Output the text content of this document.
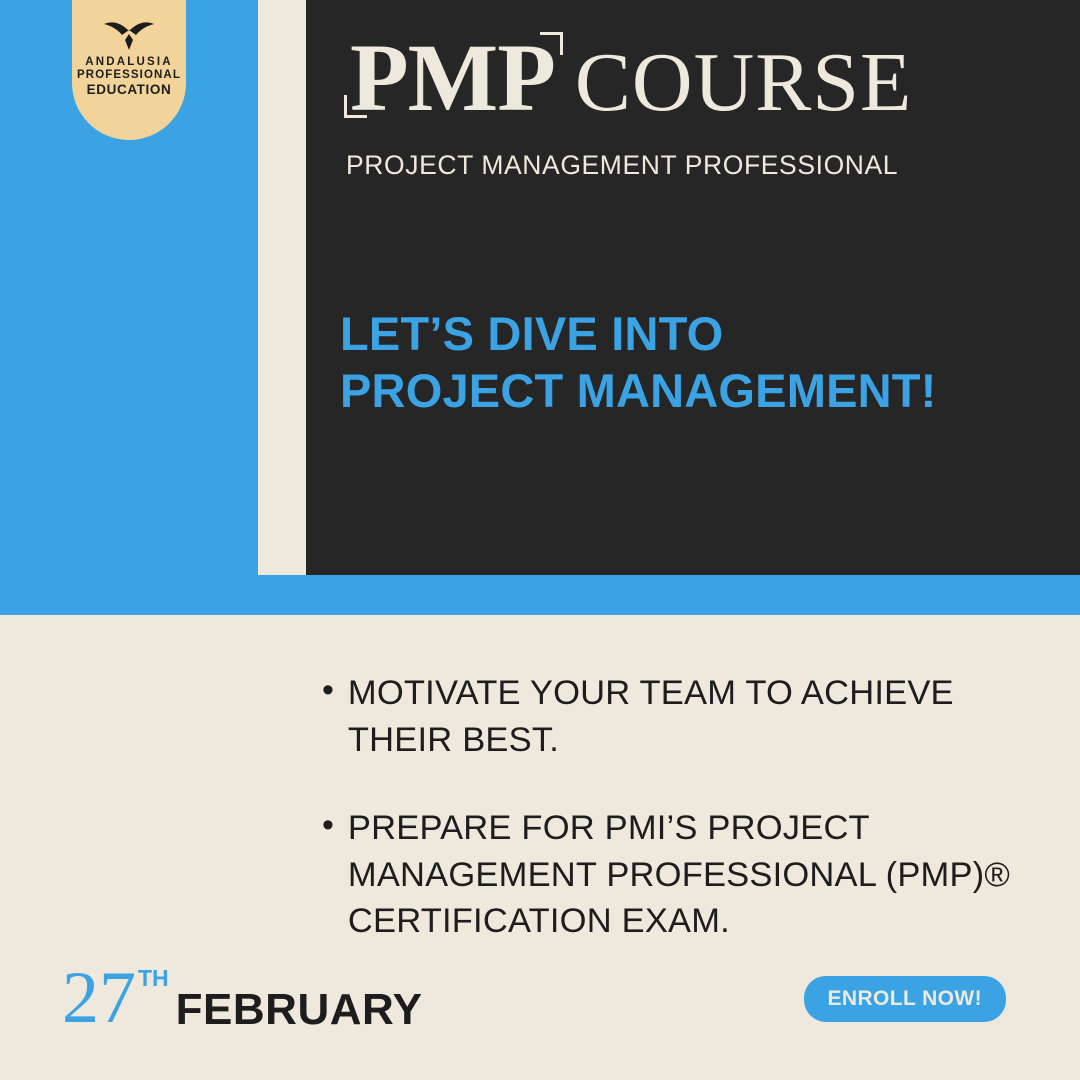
ANDALUSIA
PROFESSIONAL
EDUCATION PMP COURSE
PROJECT MANAGEMENT PROFESSIONAL
LET’S DIVE INTO
PROJECT MANAGEMENT!
• MOTIVATE YOUR TEAM TO ACHIEVE THEIR BEST.
• PREPARE FOR PMI’S PROJECT MANAGEMENT PROFESSIONAL (PMP)® CERTIFICATION EXAM.
27 TH
FEBRUARY	ENROLL NOW!
